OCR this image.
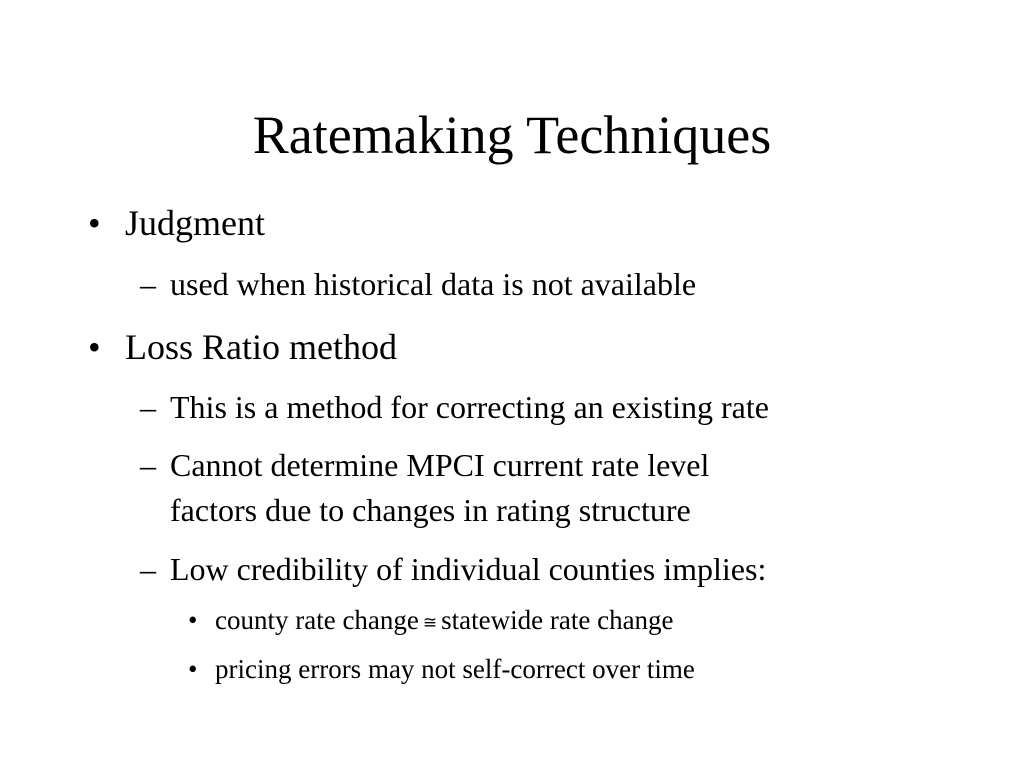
Ratemaking Techniques
• Judgment
– used when historical data is not available
• Loss Ratio method
– This is a method for correcting an existing rate
– Cannot determine MPCI current rate level
factors due to changes in rating structure
– Low credibility of individual counties implies:
• county rate change ≅ statewide rate change
• pricing errors may not self-correct over time
